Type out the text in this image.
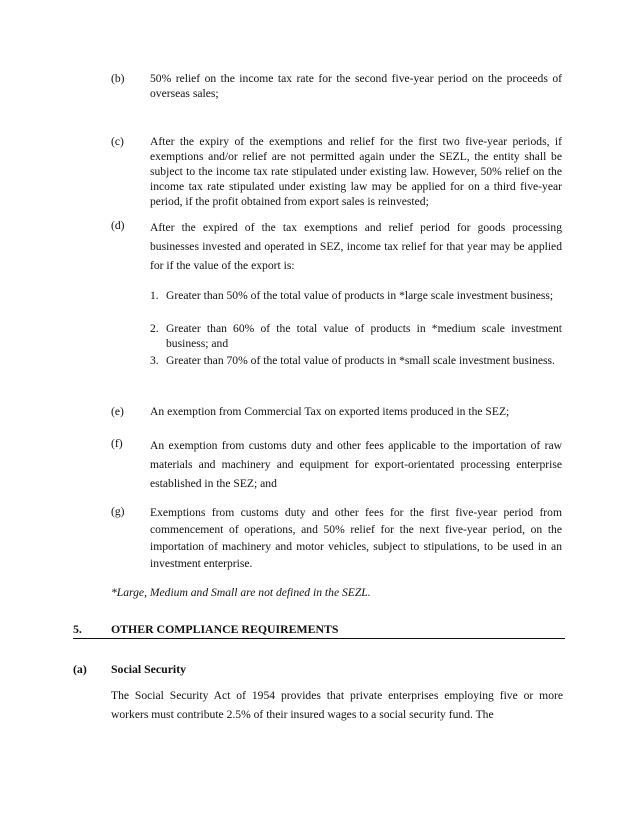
(b) 50% relief on the income tax rate for the second five-year period on the proceeds of overseas sales;
(c) After the expiry of the exemptions and relief for the first two five-year periods, if exemptions and/or relief are not permitted again under the SEZL, the entity shall be subject to the income tax rate stipulated under existing law. However, 50% relief on the income tax rate stipulated under existing law may be applied for on a third five-year period, if the profit obtained from export sales is reinvested;
(d) After the expired of the tax exemptions and relief period for goods processing businesses invested and operated in SEZ, income tax relief for that year may be applied for if the value of the export is:
1. Greater than 50% of the total value of products in *large scale investment business;
2. Greater than 60% of the total value of products in *medium scale investment business; and
3. Greater than 70% of the total value of products in *small scale investment business.
(e) An exemption from Commercial Tax on exported items produced in the SEZ;
(f) An exemption from customs duty and other fees applicable to the importation of raw materials and machinery and equipment for export-orientated processing enterprise established in the SEZ; and
(g) Exemptions from customs duty and other fees for the first five-year period from commencement of operations, and 50% relief for the next five-year period, on the importation of machinery and motor vehicles, subject to stipulations, to be used in an investment enterprise.
*Large, Medium and Small are not defined in the SEZL.
5. OTHER COMPLIANCE REQUIREMENTS
(a) Social Security
The Social Security Act of 1954 provides that private enterprises employing five or more workers must contribute 2.5% of their insured wages to a social security fund. The
